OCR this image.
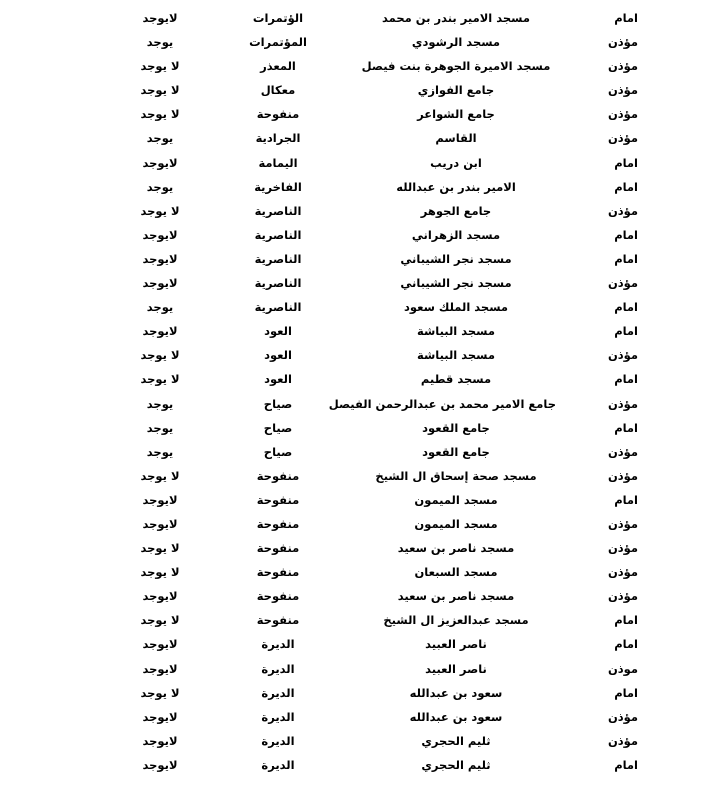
امام
مسجد الامير بندر بن محمد
الؤتمرات
لايوجد
مؤذن
مسجد الرشودي
المؤتمرات
يوجد
مؤذن
مسجد الاميرة الجوهرة بنت فيصل
المعذر
لا يوجد
مؤذن
جامع الفوازي
معكال
لا يوجد
مؤذن
جامع الشواعر
منفوحة
لا يوجد
مؤذن
القاسم
الجرادية
يوجد
امام
ابن دريب
اليمامة
لايوجد
امام
الامير بندر بن عبدالله
الفاخرية
يوجد
مؤذن
جامع الجوهر
الناصرية
لا يوجد
امام
مسجد الزهراني
الناصرية
لايوجد
امام
مسجد نجر الشيباني
الناصرية
لايوجد
مؤذن
مسجد نجر الشيباني
الناصرية
لايوجد
امام
مسجد الملك سعود
الناصرية
يوجد
امام
مسجد البياشة
العود
لايوجد
مؤذن
مسجد البياشة
العود
لا يوجد
امام
مسجد قطيم
العود
لا يوجد
مؤذن
جامع الامير محمد بن عبدالرحمن الفيصل
صياح
يوجد
امام
جامع القعود
صياح
يوجد
مؤذن
جامع القعود
صياح
يوجد
مؤذن
مسجد صحة إسحاق ال الشيخ
منفوحة
لا يوجد
امام
مسجد الميمون
منفوحة
لايوجد
مؤذن
مسجد الميمون
منفوحة
لايوجد
مؤذن
مسجد ناصر بن سعيد
منفوحة
لا يوجد
مؤذن
مسجد السبعان
منفوحة
لا يوجد
مؤذن
مسجد ناصر بن سعيد
منفوحة
لايوجد
امام
مسجد عبدالعزيز ال الشيخ
منفوحة
لا يوجد
امام
ناصر العبيد
الديرة
لايوجد
موذن
ناصر العبيد
الديرة
لايوجد
امام
سعود بن عبدالله
الديرة
لا يوجد
مؤذن
سعود بن عبدالله
الديرة
لايوجد
مؤذن
ثليم الحجري
الديرة
لايوجد
امام
ثليم الحجري
الديرة
لايوجد
